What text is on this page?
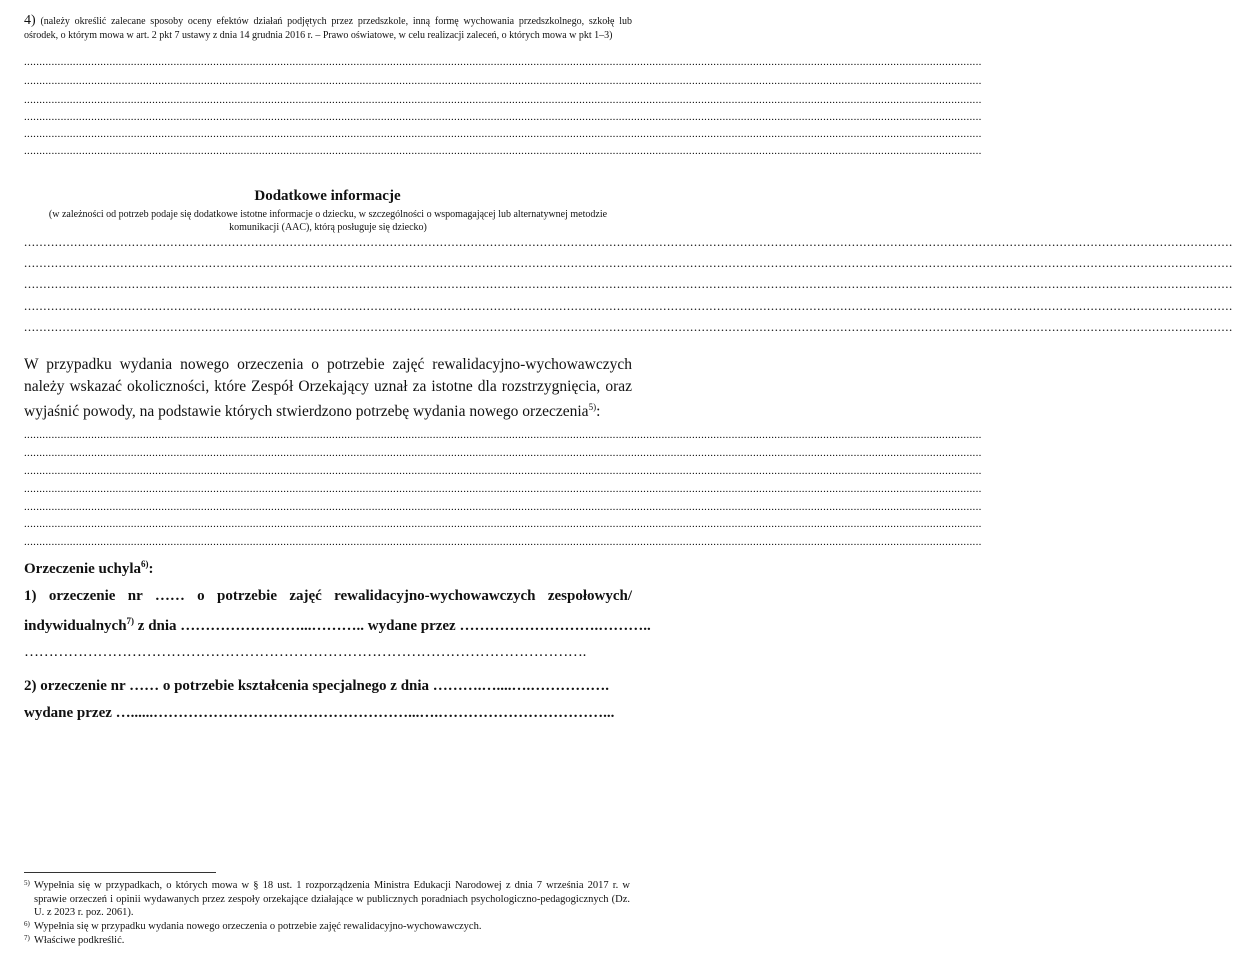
4) (należy określić zalecane sposoby oceny efektów działań podjętych przez przedszkole, inną formę wychowania przedszkolnego, szkołę lub ośrodek, o którym mowa w art. 2 pkt 7 ustawy z dnia 14 grudnia 2016 r. – Prawo oświatowe, w celu realizacji zaleceń, o których mowa w pkt 1–3)
..........................................................................................................................................................................................................................................................................................................................
..........................................................................................................................................................................................................................................................................................................................
..........................................................................................................................................................................................................................................................................................................................
..........................................................................................................................................................................................................................................................................................................................
..........................................................................................................................................................................................................................................................................................................................
..........................................................................................................................................................................................................................................................................................................................
Dodatkowe informacje
(w zależności od potrzeb podaje się dodatkowe istotne informacje o dziecku, w szczególności o wspomagającej lub alternatywnej metodzie komunikacji (AAC), którą posługuje się dziecko)
..........................................................................................................................................................................................................................................................................................................................
..........................................................................................................................................................................................................................................................................................................................
..........................................................................................................................................................................................................................................................................................................................
..........................................................................................................................................................................................................................................................................................................................
..........................................................................................................................................................................................................................................................................................................................
W przypadku wydania nowego orzeczenia o potrzebie zajęć rewalidacyjno-wychowawczych należy wskazać okoliczności, które Zespół Orzekający uznał za istotne dla rozstrzygnięcia, oraz wyjaśnić powody, na podstawie których stwierdzono potrzebę wydania nowego orzeczenia$^{5)}$:
..........................................................................................................................................................................................................................................................................................................................
..........................................................................................................................................................................................................................................................................................................................
..........................................................................................................................................................................................................................................................................................................................
..........................................................................................................................................................................................................................................................................................................................
..........................................................................................................................................................................................................................................................................................................................
..........................................................................................................................................................................................................................................................................................................................
..........................................................................................................................................................................................................................................................................................................................
Orzeczenie uchyla$^{6)}$:
1) orzeczenie nr …… o potrzebie zajęć rewalidacyjno-wychowawczych zespołowych/
indywidualnych$^{7)}$ z dnia ……………………...……….. wydane przez ……………………….………..
…………………………………………………………………………………………………….
2) orzeczenie nr …… o potrzebie kształcenia specjalnego z dnia ……….…....….…………….
wydane przez …......……………………………………………...….……………………………...
5) Wypełnia się w przypadkach, o których mowa w § 18 ust. 1 rozporządzenia Ministra Edukacji Narodowej z dnia 7 września 2017 r. w sprawie orzeczeń i opinii wydawanych przez zespoły orzekające działające w publicznych poradniach psychologiczno-pedagogicznych (Dz. U. z 2023 r. poz. 2061).
6) Wypełnia się w przypadku wydania nowego orzeczenia o potrzebie zajęć rewalidacyjno-wychowawczych.
7) Właściwe podkreślić.
